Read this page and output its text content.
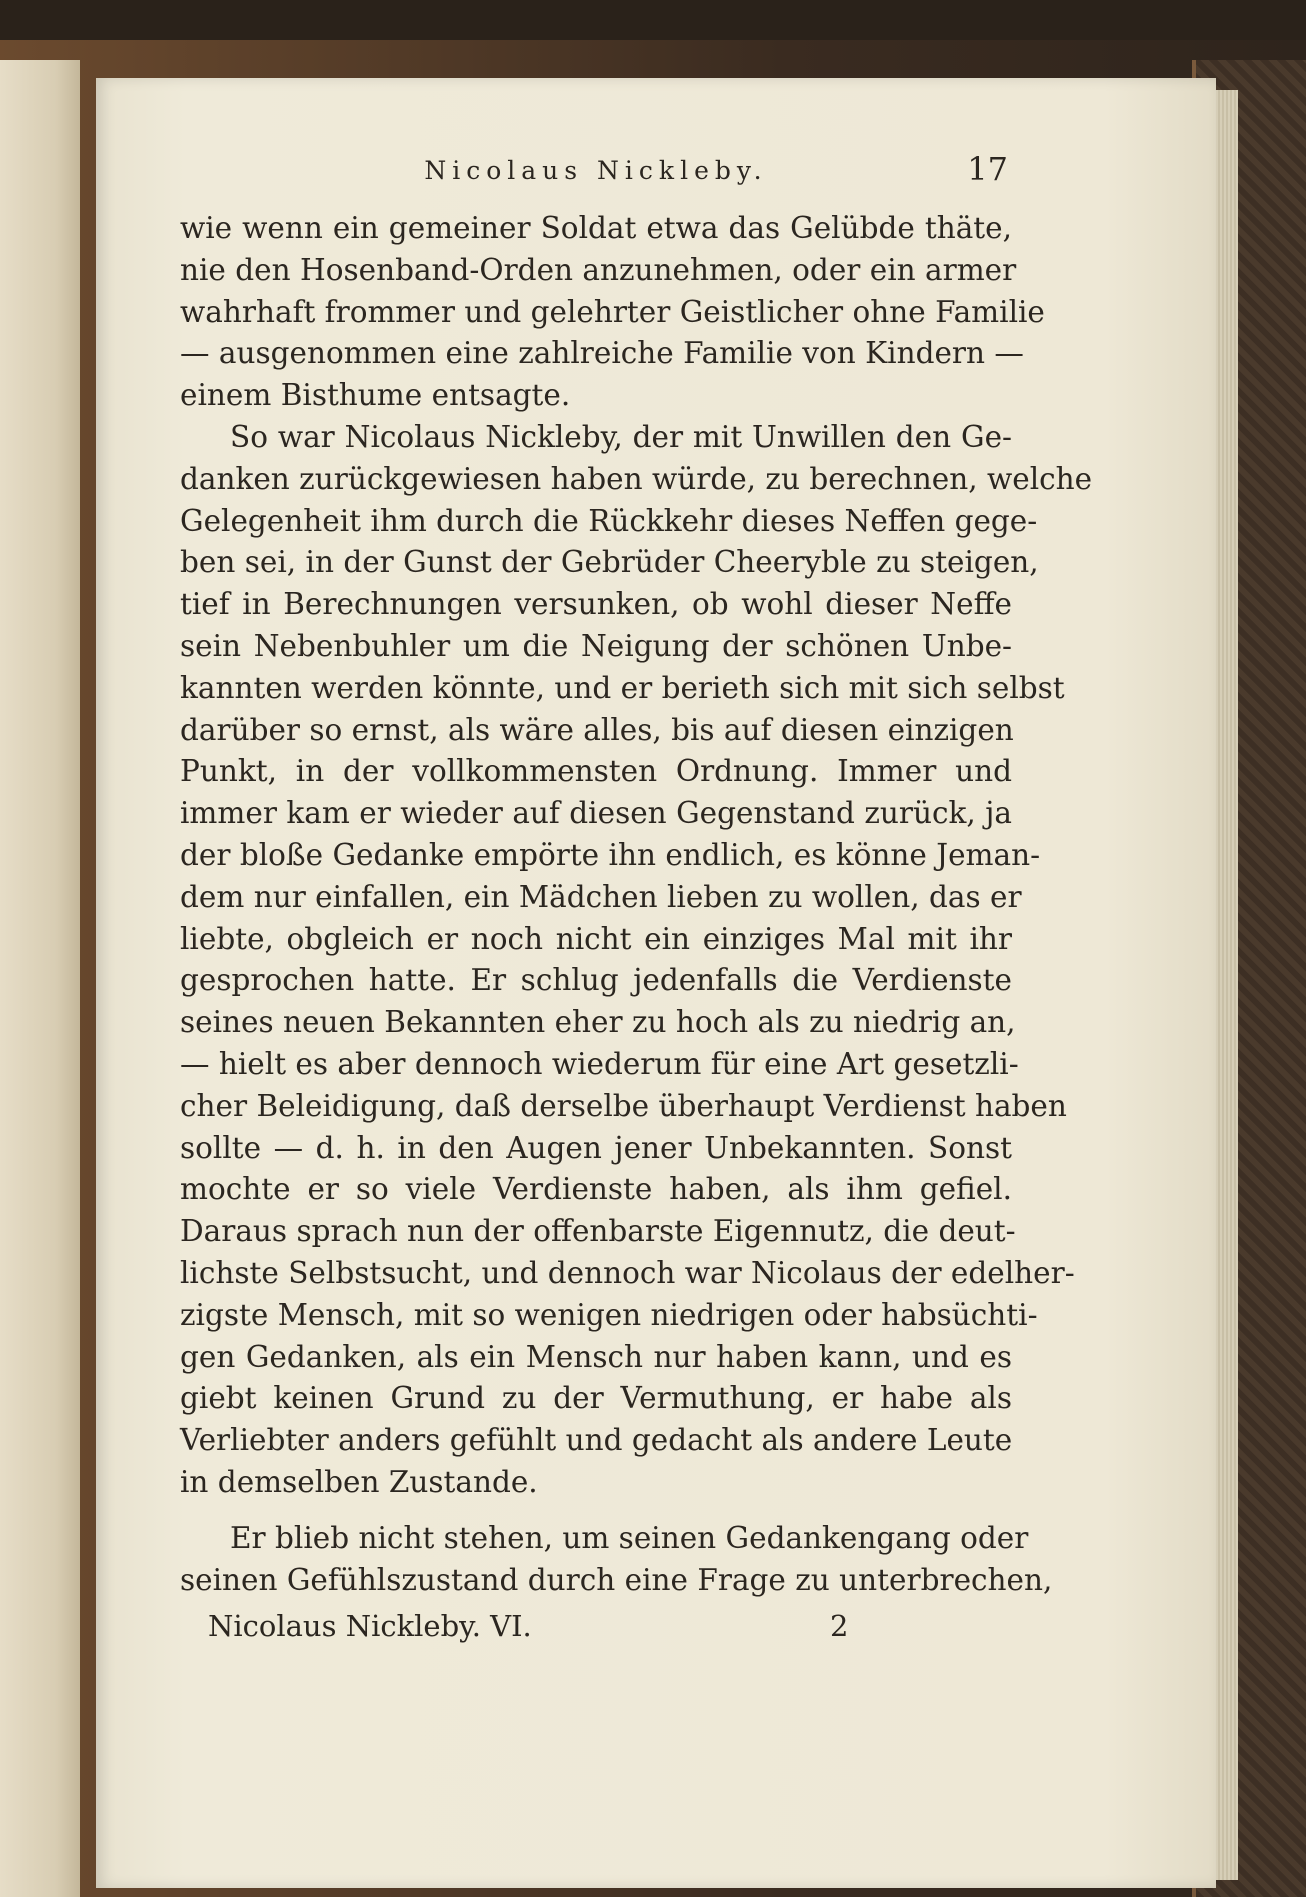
Nicolaus Nickleby.	17
wie wenn ein gemeiner Soldat etwa das Gelübde thäte,
nie den Hosenband-Orden anzunehmen, oder ein armer
wahrhaft frommer und gelehrter Geistlicher ohne Familie
— ausgenommen eine zahlreiche Familie von Kindern —
einem Bisthume entsagte.
So war Nicolaus Nickleby, der mit Unwillen den Ge-
danken zurückgewiesen haben würde, zu berechnen, welche
Gelegenheit ihm durch die Rückkehr dieses Neffen gege-
ben sei, in der Gunst der Gebrüder Cheeryble zu steigen,
tief in Berechnungen versunken, ob wohl dieser Neffe
sein Nebenbuhler um die Neigung der schönen Unbe-
kannten werden könnte, und er berieth sich mit sich selbst
darüber so ernst, als wäre alles, bis auf diesen einzigen
Punkt, in der vollkommensten Ordnung. Immer und
immer kam er wieder auf diesen Gegenstand zurück, ja
der bloße Gedanke empörte ihn endlich, es könne Jeman-
dem nur einfallen, ein Mädchen lieben zu wollen, das er
liebte, obgleich er noch nicht ein einziges Mal mit ihr
gesprochen hatte. Er schlug jedenfalls die Verdienste
seines neuen Bekannten eher zu hoch als zu niedrig an,
— hielt es aber dennoch wiederum für eine Art gesetzli-
cher Beleidigung, daß derselbe überhaupt Verdienst haben
sollte — d. h. in den Augen jener Unbekannten. Sonst
mochte er so viele Verdienste haben, als ihm gefiel.
Daraus sprach nun der offenbarste Eigennutz, die deut-
lichste Selbstsucht, und dennoch war Nicolaus der edelher-
zigste Mensch, mit so wenigen niedrigen oder habsüchti-
gen Gedanken, als ein Mensch nur haben kann, und es
giebt keinen Grund zu der Vermuthung, er habe als
Verliebter anders gefühlt und gedacht als andere Leute
in demselben Zustande.
Er blieb nicht stehen, um seinen Gedankengang oder
seinen Gefühlszustand durch eine Frage zu unterbrechen,
Nicolaus Nickleby. VI.	2
